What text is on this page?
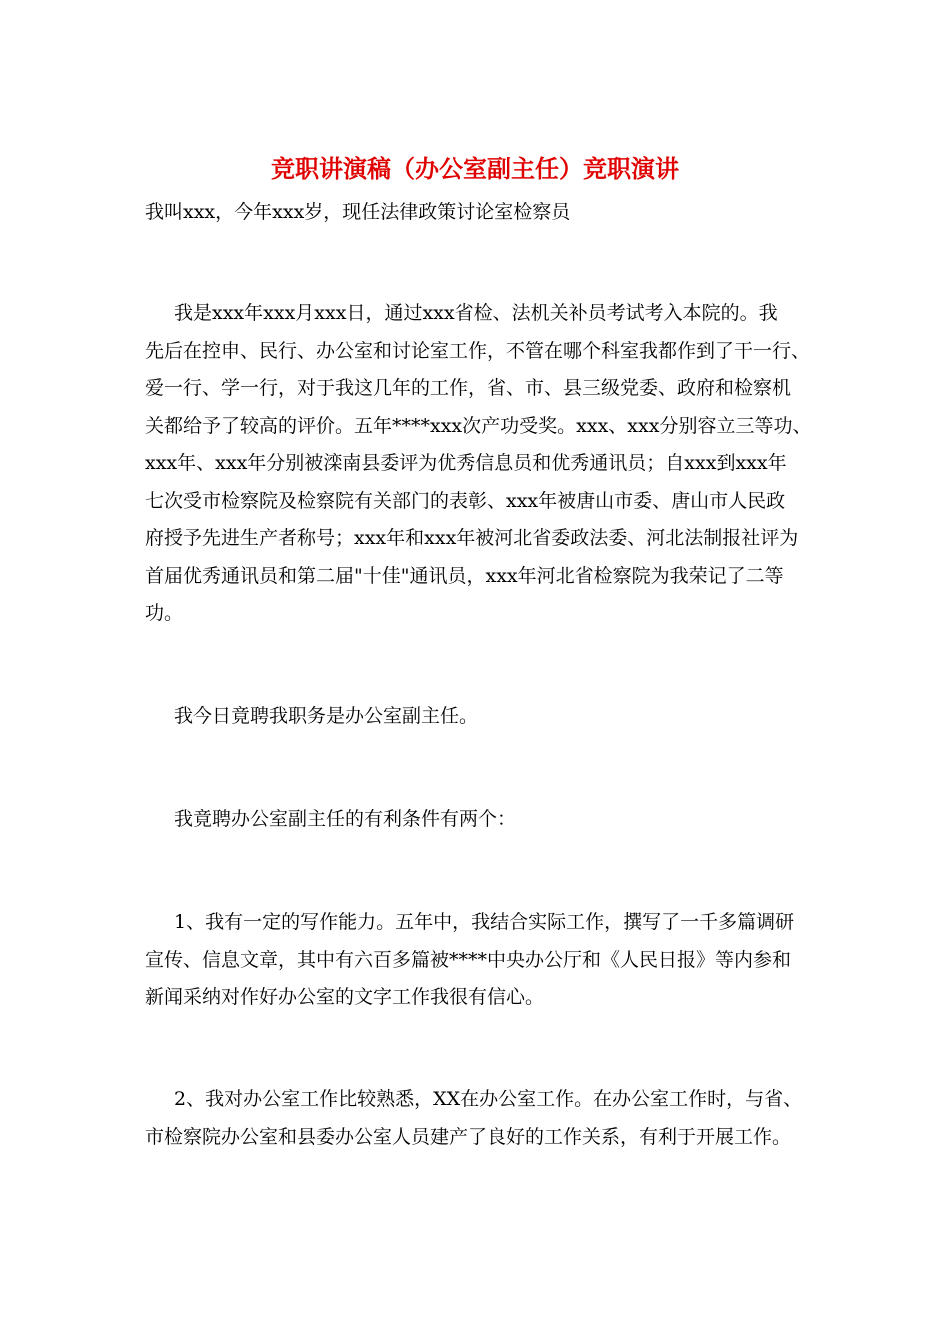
竞职讲演稿（办公室副主任）竞职演讲
我叫xxx，今年xxx岁，现任法律政策讨论室检察员
我是xxx年xxx月xxx日，通过xxx省检、法机关补员考试考入本院的。我
先后在控申、民行、办公室和讨论室工作，不管在哪个科室我都作到了干一行、
爱一行、学一行，对于我这几年的工作，省、市、县三级党委、政府和检察机
关都给予了较高的评价。五年****xxx次产功受奖。xxx、xxx分别容立三等功、
xxx年、xxx年分别被滦南县委评为优秀信息员和优秀通讯员；自xxx到xxx年
七次受市检察院及检察院有关部门的表彰、xxx年被唐山市委、唐山市人民政
府授予先进生产者称号；xxx年和xxx年被河北省委政法委、河北法制报社评为
首届优秀通讯员和第二届"十佳"通讯员，xxx年河北省检察院为我荣记了二等
功。
我今日竟聘我职务是办公室副主任。
我竟聘办公室副主任的有利条件有两个：
1、我有一定的写作能力。五年中，我结合实际工作，撰写了一千多篇调研
宣传、信息文章，其中有六百多篇被****中央办公厅和《人民日报》等内参和
新闻采纳对作好办公室的文字工作我很有信心。
2、我对办公室工作比较熟悉，XX在办公室工作。在办公室工作时，与省、
市检察院办公室和县委办公室人员建产了良好的工作关系，有利于开展工作。
